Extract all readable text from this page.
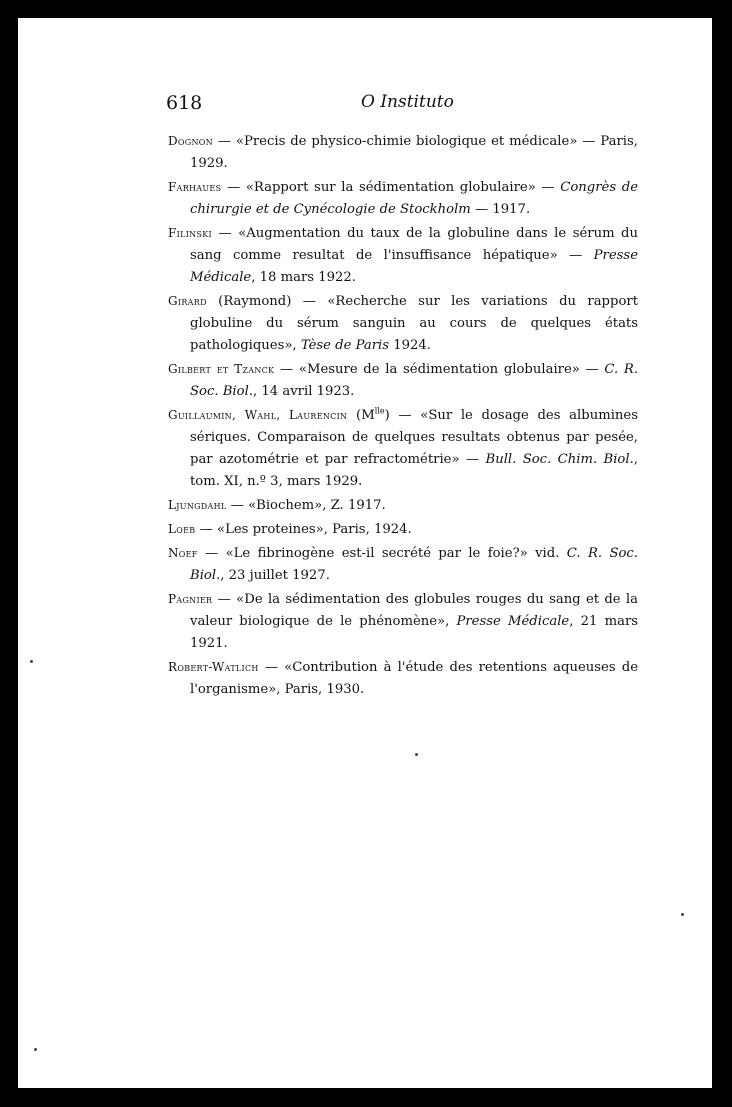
618	O Instituto

Dognon — «Precis de physico-chimie biologique et médicale» — Paris, 1929.

Farhaues — «Rapport sur la sédimentation globulaire» — Congrès de chirurgie et de Cynécologie de Stockholm — 1917.

Filinski — «Augmentation du taux de la globuline dans le sérum du sang comme resultat de l'insuffisance hépatique» — Presse Médicale, 18 mars 1922.

Girard (Raymond) — «Recherche sur les variations du rapport globuline du sérum sanguin au cours de quelques états pathologiques», Tèse de Paris 1924.

Gilbert et Tzanck — «Mesure de la sédimentation globulaire» — C. R. Soc. Biol., 14 avril 1923.

Guillaumin, Wahl, Laurencin $(M^{lle})$ — «Sur le dosage des albumines sériques. Comparaison de quelques resultats obtenus par pesée, par azotométrie et par refractométrie» — Bull. Soc. Chim. Biol., tom. XI, n.º 3, mars 1929.

Ljungdahl — «Biochem», Z. 1917.

Loeb — «Les proteines», Paris, 1924.

Noef — «Le fibrinogène est-il secrété par le foie?» vid. C. R. Soc. Biol., 23 juillet 1927.

Pagnier — «De la sédimentation des globules rouges du sang et de la valeur biologique de le phénomène», Presse Médicale, 21 mars 1921.

Robert-Watlich — «Contribution à l'étude des retentions aqueuses de l'organisme», Paris, 1930.
